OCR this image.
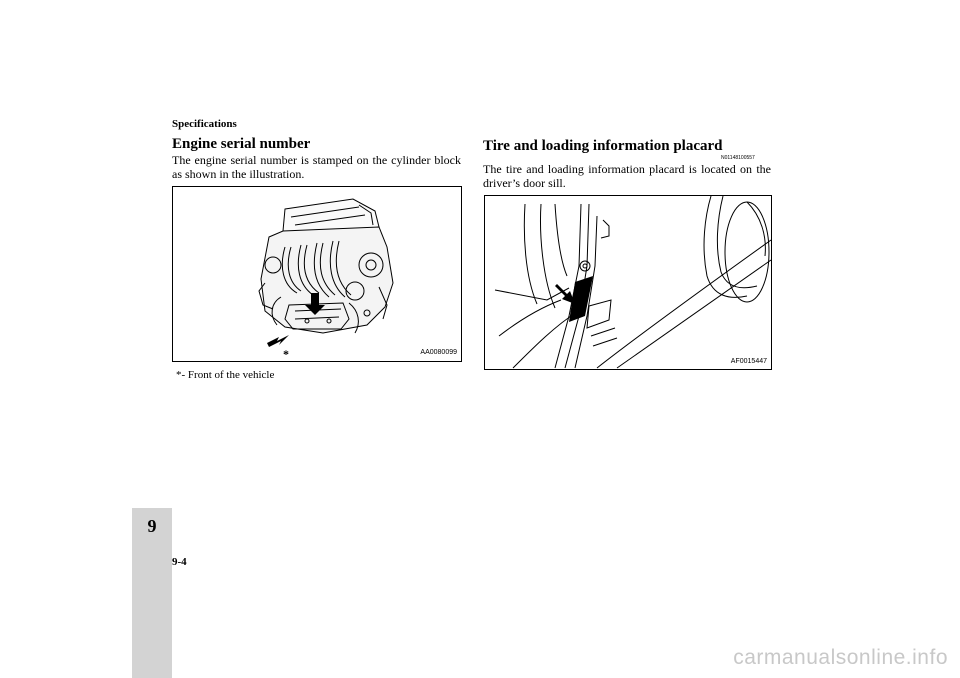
Specifications
Engine serial number
The engine serial number is stamped on the cylinder block as shown in the illustration.
*	AA0080099
*- Front of the vehicle
Tire and loading information placard
N01148100557
The tire and loading information placard is located on the driver’s door sill.
AF0015447
9
9-4
carmanualsonline.info
